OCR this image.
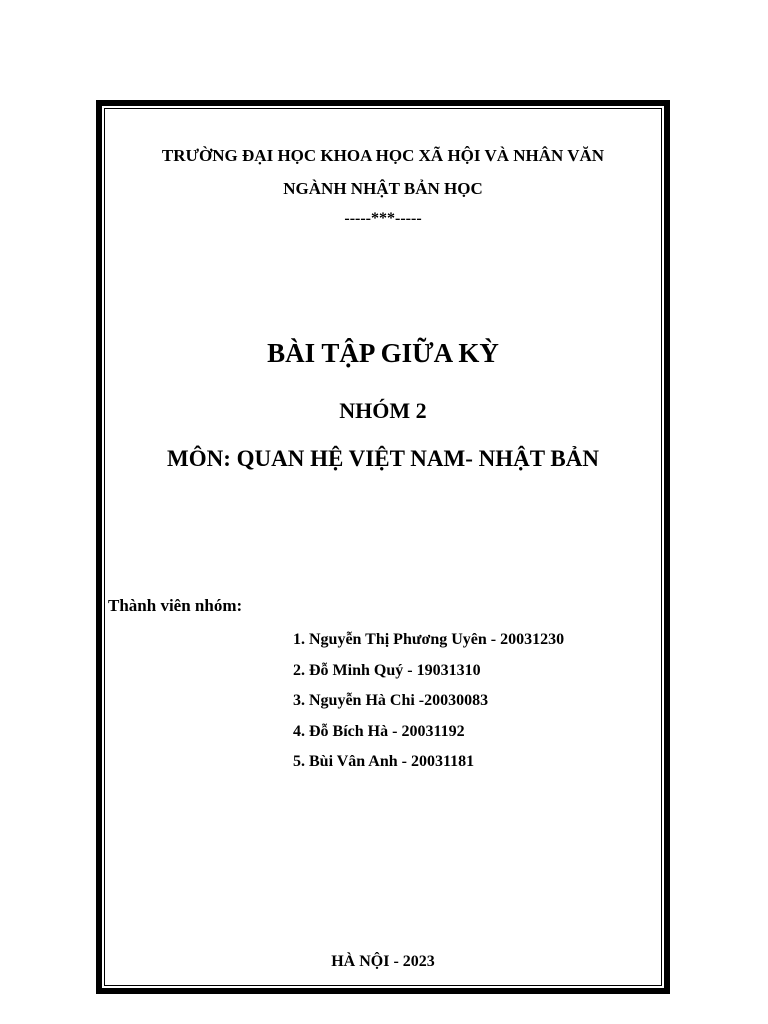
TRƯỜNG ĐẠI HỌC KHOA HỌC XÃ HỘI VÀ NHÂN VĂN
NGÀNH NHẬT BẢN HỌC
-----***-----
BÀI TẬP GIỮA KỲ
NHÓM 2
MÔN: QUAN HỆ VIỆT NAM- NHẬT BẢN
Thành viên nhóm:
1. Nguyễn Thị Phương Uyên - 20031230
2. Đỗ Minh Quý - 19031310
3. Nguyễn Hà Chi -20030083
4. Đỗ Bích Hà - 20031192
5. Bùi Vân Anh - 20031181
HÀ NỘI - 2023
